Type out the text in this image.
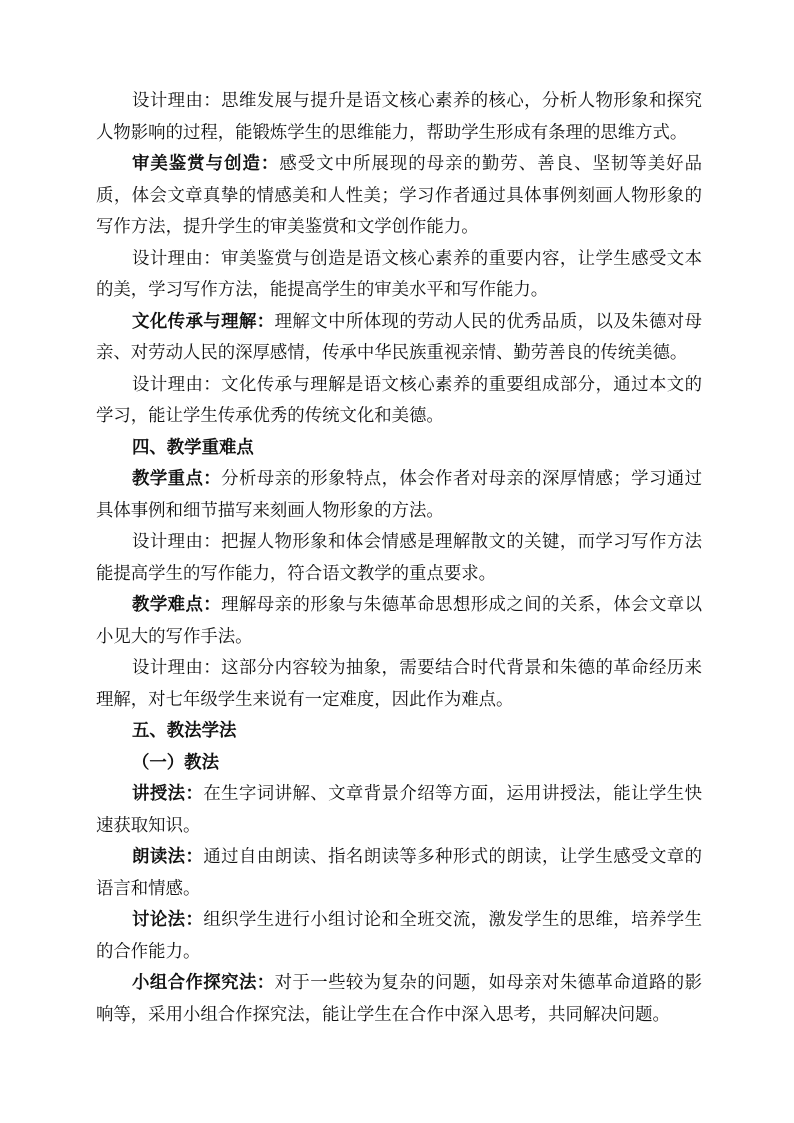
设计理由：思维发展与提升是语文核心素养的核心，分析人物形象和探究人物影响的过程，能锻炼学生的思维能力，帮助学生形成有条理的思维方式。

审美鉴赏与创造：感受文中所展现的母亲的勤劳、善良、坚韧等美好品质，体会文章真挚的情感美和人性美；学习作者通过具体事例刻画人物形象的写作方法，提升学生的审美鉴赏和文学创作能力。

设计理由：审美鉴赏与创造是语文核心素养的重要内容，让学生感受文本的美，学习写作方法，能提高学生的审美水平和写作能力。

文化传承与理解：理解文中所体现的劳动人民的优秀品质，以及朱德对母亲、对劳动人民的深厚感情，传承中华民族重视亲情、勤劳善良的传统美德。

设计理由：文化传承与理解是语文核心素养的重要组成部分，通过本文的学习，能让学生传承优秀的传统文化和美德。

四、教学重难点

教学重点：分析母亲的形象特点，体会作者对母亲的深厚情感；学习通过具体事例和细节描写来刻画人物形象的方法。

设计理由：把握人物形象和体会情感是理解散文的关键，而学习写作方法能提高学生的写作能力，符合语文教学的重点要求。

教学难点：理解母亲的形象与朱德革命思想形成之间的关系，体会文章以小见大的写作手法。

设计理由：这部分内容较为抽象，需要结合时代背景和朱德的革命经历来理解，对七年级学生来说有一定难度，因此作为难点。

五、教法学法

（一）教法

讲授法：在生字词讲解、文章背景介绍等方面，运用讲授法，能让学生快速获取知识。

朗读法：通过自由朗读、指名朗读等多种形式的朗读，让学生感受文章的语言和情感。

讨论法：组织学生进行小组讨论和全班交流，激发学生的思维，培养学生的合作能力。

小组合作探究法：对于一些较为复杂的问题，如母亲对朱德革命道路的影响等，采用小组合作探究法，能让学生在合作中深入思考，共同解决问题。
